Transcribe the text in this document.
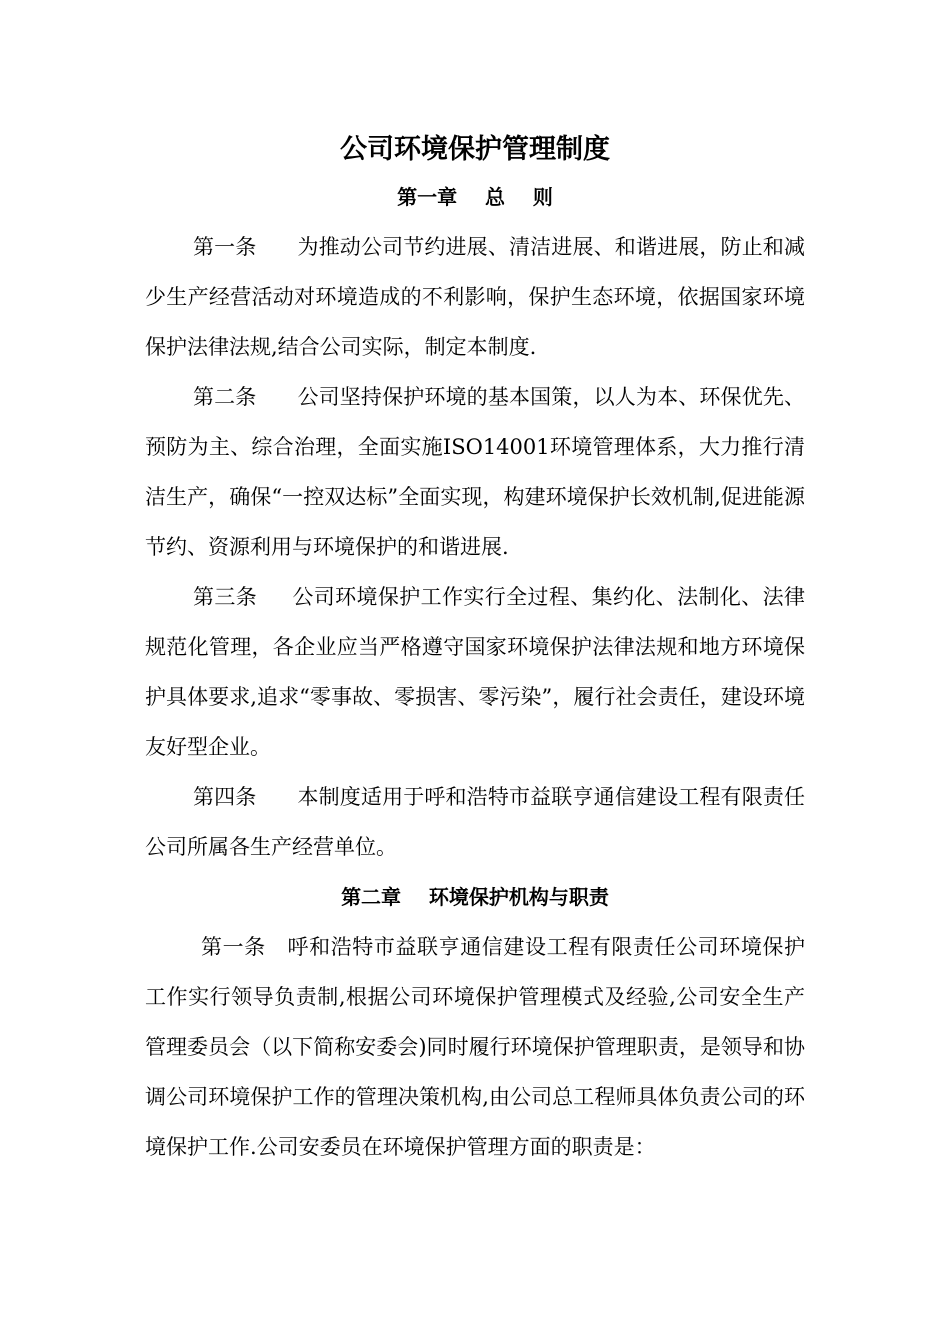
公司环境保护管理制度
第一章    总    则

第一条      为推动公司节约进展、清洁进展、和谐进展，防止和减少生产经营活动对环境造成的不利影响，保护生态环境，依据国家环境保护法律法规,结合公司实际，制定本制度.

第二条      公司坚持保护环境的基本国策，以人为本、环保优先、预防为主、综合治理，全面实施ISO14001环境管理体系，大力推行清洁生产，确保“一控双达标”全面实现，构建环境保护长效机制,促进能源节约、资源利用与环境保护的和谐进展.

第三条     公司环境保护工作实行全过程、集约化、法制化、法律规范化管理，各企业应当严格遵守国家环境保护法律法规和地方环境保护具体要求,追求“零事故、零损害、零污染”，履行社会责任，建设环境友好型企业。

第四条      本制度适用于呼和浩特市益联亨通信建设工程有限责任公司所属各生产经营单位。

第二章    环境保护机构与职责

第一条   呼和浩特市益联亨通信建设工程有限责任公司环境保护工作实行领导负责制,根据公司环境保护管理模式及经验,公司安全生产管理委员会（以下简称安委会)同时履行环境保护管理职责，是领导和协调公司环境保护工作的管理决策机构,由公司总工程师具体负责公司的环境保护工作.公司安委员在环境保护管理方面的职责是：
